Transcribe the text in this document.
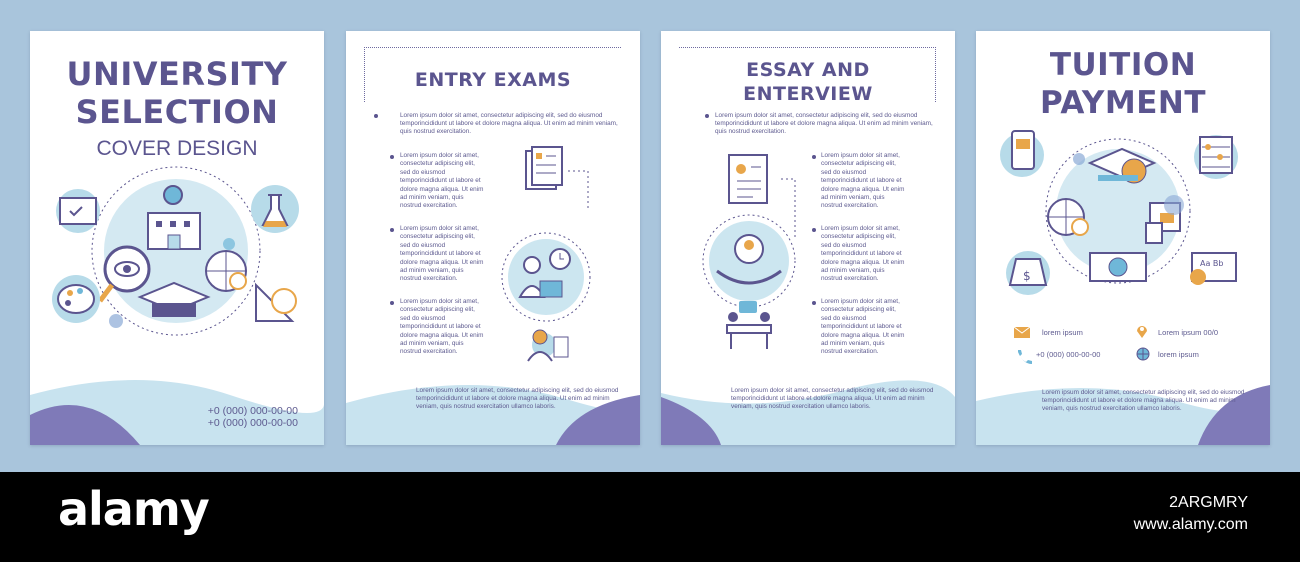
UNIVERSITY
SELECTION
COVER DESIGN
+0 (000) 000-00-00
+0 (000) 000-00-00
ENTRY EXAMS
Lorem ipsum dolor sit amet, consectetur adipiscing elit, sed do eiusmod temporincididunt ut labore et dolore magna aliqua. Ut enim ad minim veniam, quis nostrud exercitation.
Lorem ipsum dolor sit amet, consectetur adipiscing elit, sed do eiusmod temporincididunt ut labore et dolore magna aliqua. Ut enim ad minim veniam, quis nostrud exercitation.
Lorem ipsum dolor sit amet, consectetur adipiscing elit, sed do eiusmod temporincididunt ut labore et dolore magna aliqua. Ut enim ad minim veniam, quis nostrud exercitation.
Lorem ipsum dolor sit amet, consectetur adipiscing elit, sed do eiusmod temporincididunt ut labore et dolore magna aliqua. Ut enim ad minim veniam, quis nostrud exercitation.
Lorem ipsum dolor sit amet, consectetur adipiscing elit, sed do eiusmod temporincididunt ut labore et dolore magna aliqua. Ut enim ad minim veniam, quis nostrud exercitation ullamco laboris.
ESSAY AND
ENTERVIEW
Lorem ipsum dolor sit amet, consectetur adipiscing elit, sed do eiusmod temporincididunt ut labore et dolore magna aliqua. Ut enim ad minim veniam, quis nostrud exercitation.
Lorem ipsum dolor sit amet, consectetur adipiscing elit, sed do eiusmod temporincididunt ut labore et dolore magna aliqua. Ut enim ad minim veniam, quis nostrud exercitation.
Lorem ipsum dolor sit amet, consectetur adipiscing elit, sed do eiusmod temporincididunt ut labore et dolore magna aliqua. Ut enim ad minim veniam, quis nostrud exercitation.
Lorem ipsum dolor sit amet, consectetur adipiscing elit, sed do eiusmod temporincididunt ut labore et dolore magna aliqua. Ut enim ad minim veniam, quis nostrud exercitation.
Lorem ipsum dolor sit amet, consectetur adipiscing elit, sed do eiusmod temporincididunt ut labore et dolore magna aliqua. Ut enim ad minim veniam, quis nostrud exercitation ullamco laboris.
TUITION
PAYMENT
$
Aa Bb
lorem ipsum	Lorem ipsum 00/0
+0 (000) 000-00-00	lorem ipsum
Lorem ipsum dolor sit amet, consectetur adipiscing elit, sed do eiusmod temporincididunt ut labore et dolore magna aliqua. Ut enim ad minim veniam, quis nostrud exercitation ullamco laboris.
alamy	2ARGMRY
www.alamy.com
